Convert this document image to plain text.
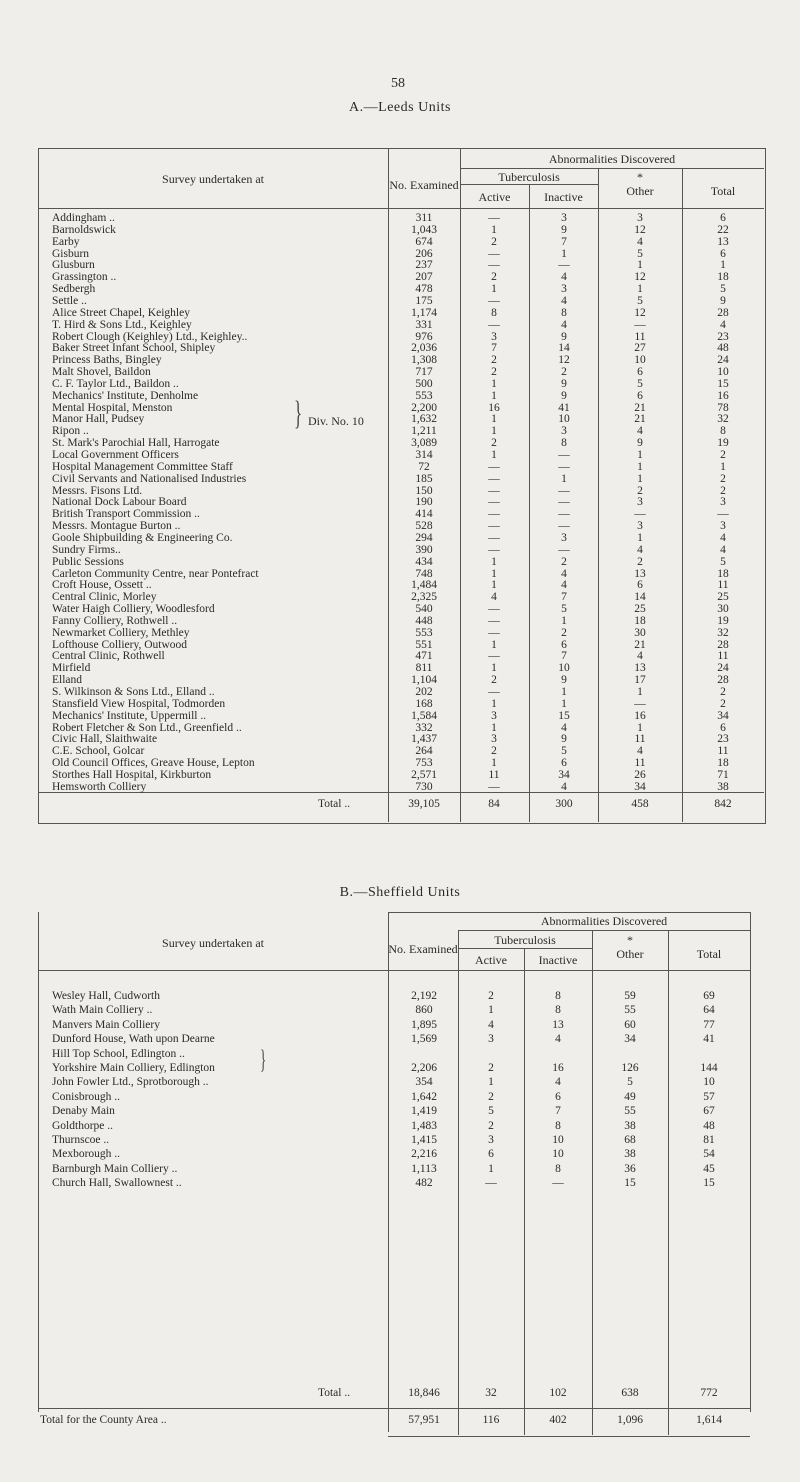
58
A.—Leeds Units
Survey undertaken at	No. Examined
Abnormalities Discovered
Tuberculosis
Active	Inactive
*
Other	Total
Addingham ..	311	—	3	3	6
Barnoldswick	1,043	1	9	12	22
Earby	674	2	7	4	13
Gisburn	206	—	1	5	6
Glusburn	237	—	—	1	1
Grassington ..	207	2	4	12	18
Sedbergh	478	1	3	1	5
Settle ..	175	—	4	5	9
Alice Street Chapel, Keighley	1,174	8	8	12	28
T. Hird & Sons Ltd., Keighley	331	—	4	—	4
Robert Clough (Keighley) Ltd., Keighley..	976	3	9	11	23
Baker Street Infant School, Shipley	2,036	7	14	27	48
Princess Baths, Bingley	1,308	2	12	10	24
Malt Shovel, Baildon	717	2	2	6	10
C. F. Taylor Ltd., Baildon ..	500	1	9	5	15
Mechanics' Institute, Denholme	553	1	9	6	16
Mental Hospital, Menston	2,200	16	41	21	78
Manor Hall, Pudsey	1,632	1	10	21	32
Ripon ..	1,211	1	3	4	8
St. Mark's Parochial Hall, Harrogate	3,089	2	8	9	19
Local Government Officers	314	1	—	1	2
Hospital Management Committee Staff	72	—	—	1	1
Civil Servants and Nationalised Industries	185	—	1	1	2
Messrs. Fisons Ltd.	150	—	—	2	2
National Dock Labour Board	190	—	—	3	3
British Transport Commission ..	414	—	—	—	—
Messrs. Montague Burton ..	528	—	—	3	3
Goole Shipbuilding & Engineering Co.	294	—	3	1	4
Sundry Firms..	390	—	—	4	4
Public Sessions	434	1	2	2	5
Carleton Community Centre, near Pontefract	748	1	4	13	18
Croft House, Ossett ..	1,484	1	4	6	11
Central Clinic, Morley	2,325	4	7	14	25
Water Haigh Colliery, Woodlesford	540	—	5	25	30
Fanny Colliery, Rothwell ..	448	—	1	18	19
Newmarket Colliery, Methley	553	—	2	30	32
Lofthouse Colliery, Outwood	551	1	6	21	28
Central Clinic, Rothwell	471	—	7	4	11
Mirfield	811	1	10	13	24
Elland	1,104	2	9	17	28
S. Wilkinson & Sons Ltd., Elland ..	202	—	1	1	2
Stansfield View Hospital, Todmorden	168	1	1	—	2
Mechanics' Institute, Uppermill ..	1,584	3	15	16	34
Robert Fletcher & Son Ltd., Greenfield ..	332	1	4	1	6
Civic Hall, Slaithwaite	1,437	3	9	11	23
C.E. School, Golcar	264	2	5	4	11
Old Council Offices, Greave House, Lepton	753	1	6	11	18
Storthes Hall Hospital, Kirkburton	2,571	11	34	26	71
Hemsworth Colliery	730	—	4	34	38
} Div. No. 10
Total ..	39,105	84	300	458	842
B.—Sheffield Units
Survey undertaken at	No. Examined
Abnormalities Discovered
Tuberculosis
Active	Inactive
*
Other	Total
Wesley Hall, Cudworth	2,192	2	8	59	69
Wath Main Colliery ..	860	1	8	55	64
Manvers Main Colliery	1,895	4	13	60	77
Dunford House, Wath upon Dearne	1,569	3	4	34	41
Hill Top School, Edlington ..
Yorkshire Main Colliery, Edlington	2,206	2	16	126	144
John Fowler Ltd., Sprotborough ..	354	1	4	5	10
Conisbrough ..	1,642	2	6	49	57
Denaby Main	1,419	5	7	55	67
Goldthorpe ..	1,483	2	8	38	48
Thurnscoe ..	1,415	3	10	68	81
Mexborough ..	2,216	6	10	38	54
Barnburgh Main Colliery ..	1,113	1	8	36	45
Church Hall, Swallownest ..	482	—	—	15	15
}
Total ..	18,846	32	102	638	772
Total for the County Area ..	57,951	116	402	1,096	1,614
